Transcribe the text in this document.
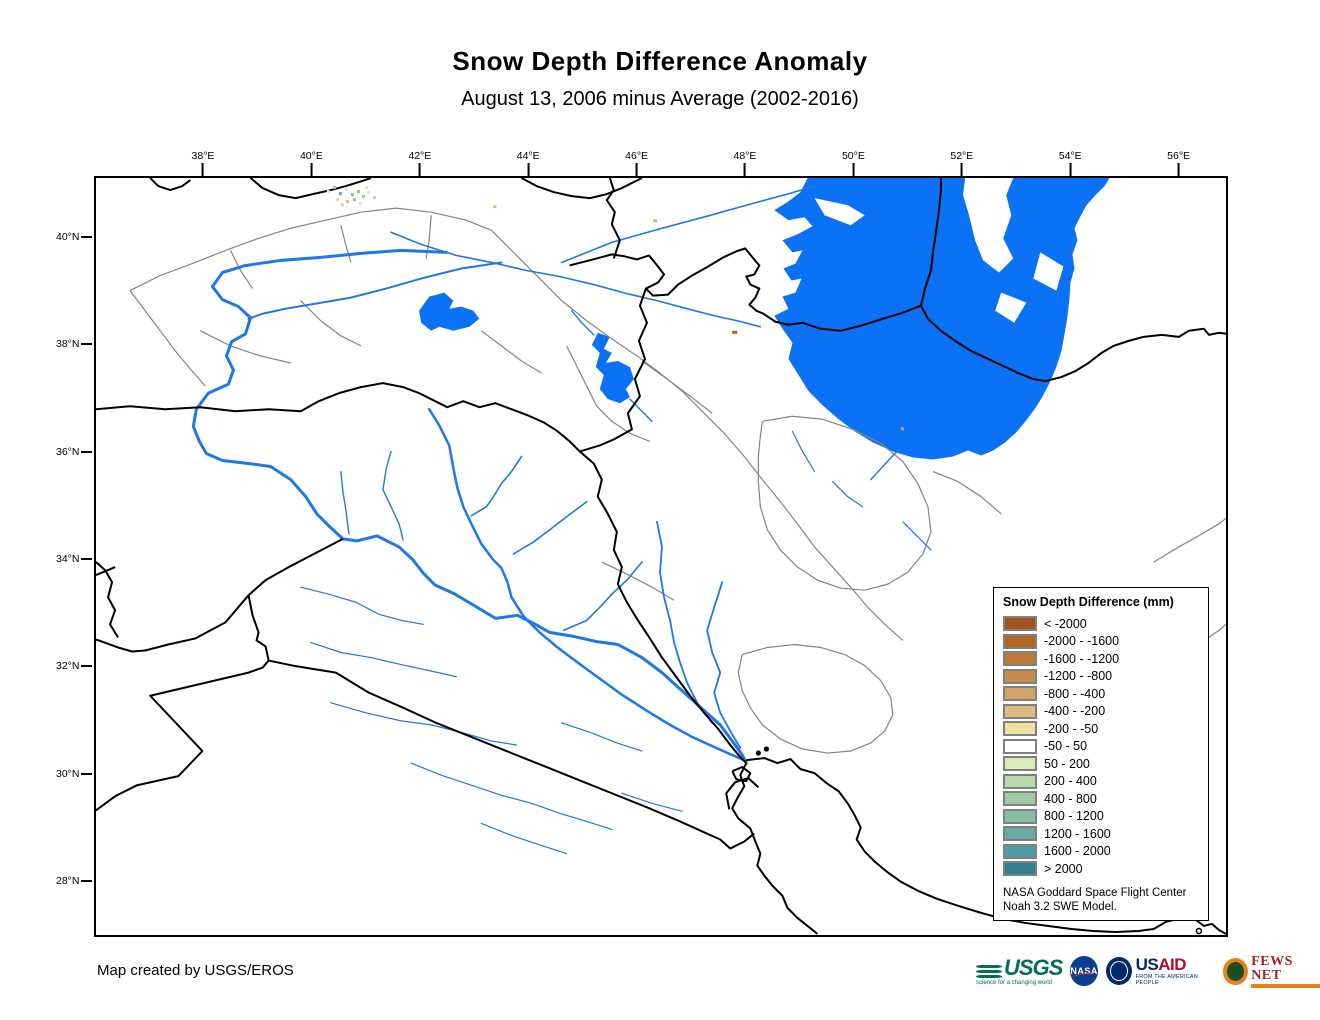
Snow Depth Difference Anomaly
August 13, 2006 minus Average (2002-2016)
38°E	40°E	42°E	44°E	46°E	48°E	50°E	52°E	54°E	56°E
40°N
38°N
36°N
34°N
32°N
30°N
28°N
Snow Depth Difference (mm)
< -2000
-2000 - -1600
-1600 - -1200
-1200 - -800
-800 - -400
-400 - -200
-200 - -50
-50 - 50
50 - 200
200 - 400
400 - 800
800 - 1200
1200 - 1600
1600 - 2000
> 2000
NASA Goddard Space Flight Center
Noah 3.2 SWE Model.
Map created by USGS/EROS	USGS
science for a changing world
NASA USAID
FROM THE AMERICAN PEOPLE
FEWS NET
